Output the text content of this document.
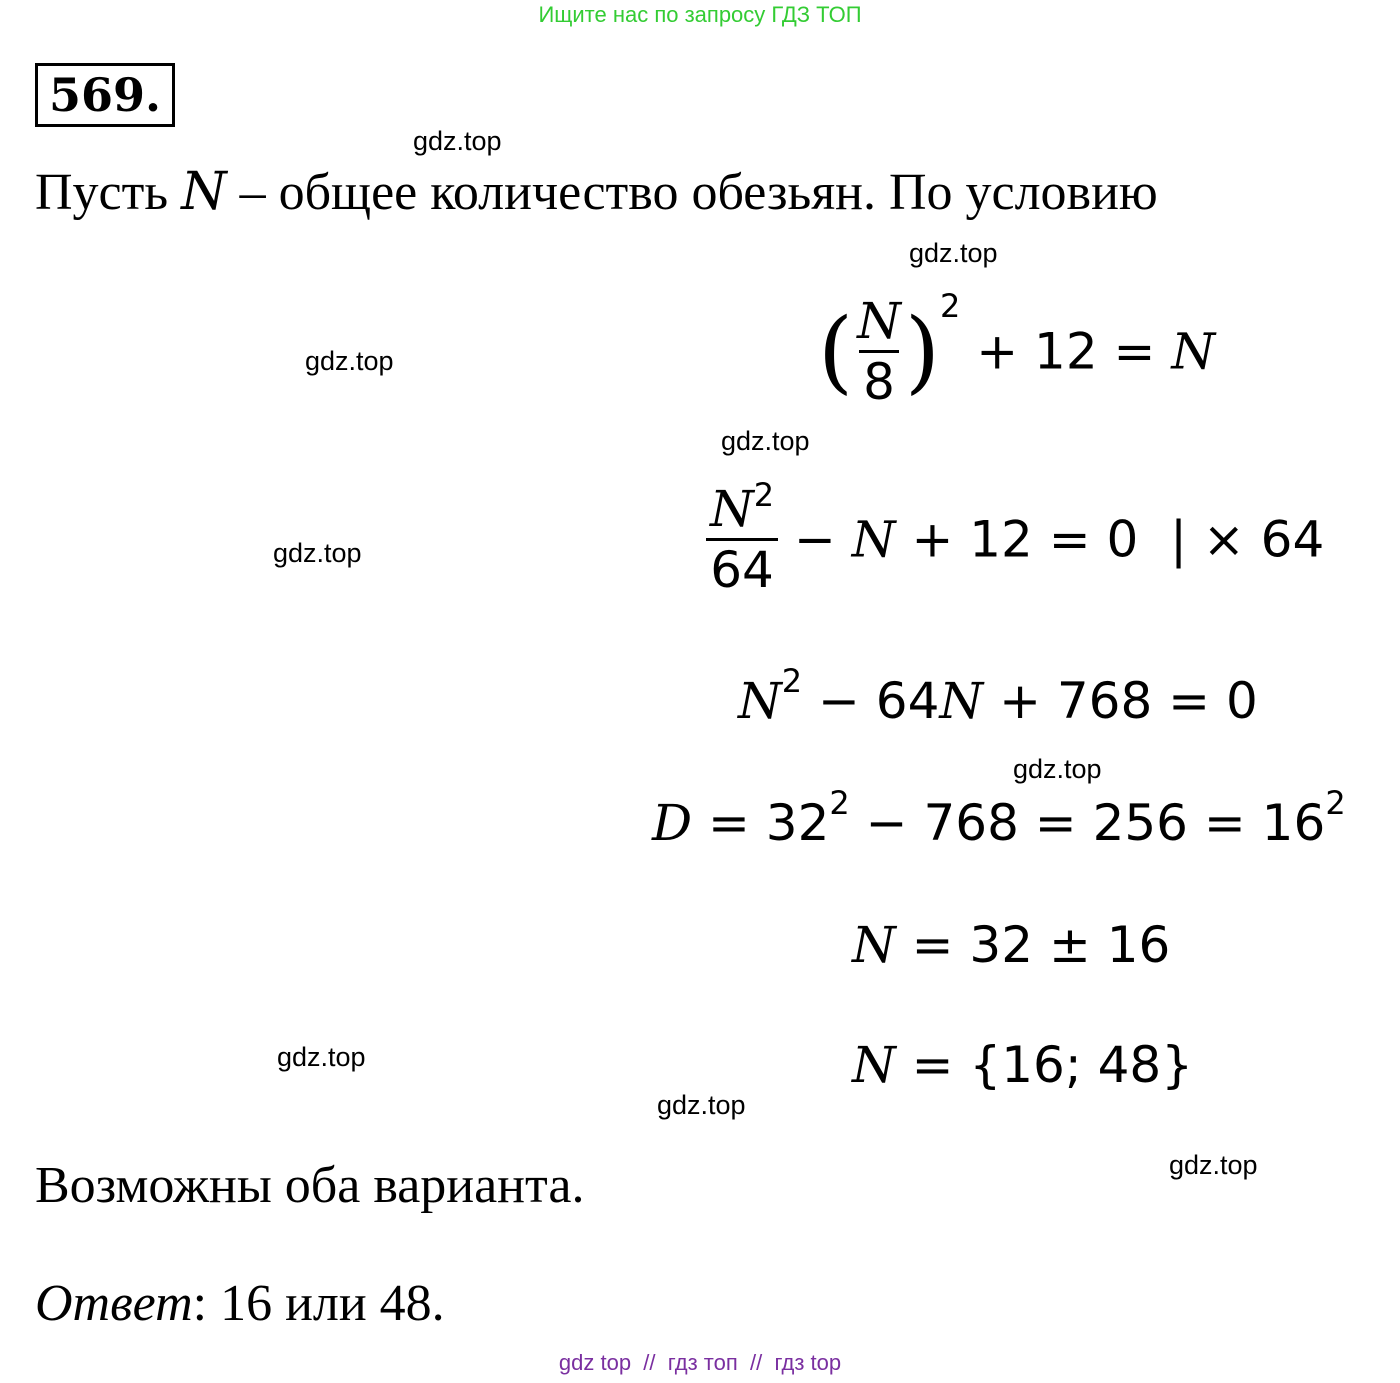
Ищите нас по запросу ГДЗ ТОП
569.
gdz.top
gdz.top
gdz.top
gdz.top
gdz.top
gdz.top
gdz.top
gdz.top
gdz.top
Пусть N – общее количество обезьян. По условию
( $\frac{N}{8} )^2 + 12 = N$
$\frac{N^2}{64} - N + 12 = 0$  | × 64
$N^2 - 64N + 768 = 0$
$D = 32^2 - 768 = 256 = 16^2$
N = 32 ± 16
N = {16; 48}
Возможны оба варианта.
Ответ: 16 или 48.
gdz top  //  гдз топ  //  гдз top
